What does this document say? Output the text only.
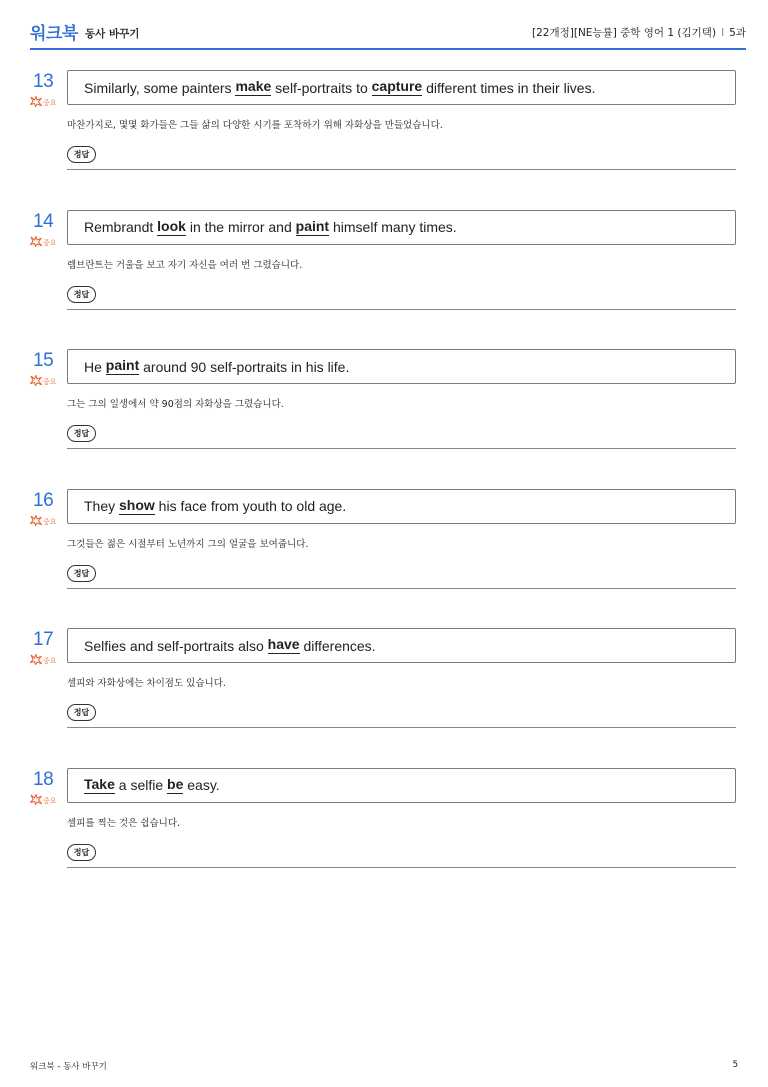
워크북 동사 바꾸기	[22개정][NE능률] 중학 영어 1 (김기택) I 5과
13
중요
Similarly, some painters make self-portraits to capture different times in their lives.
마찬가지로, 몇몇 화가들은 그들 삶의 다양한 시기를 포착하기 위해 자화상을 만들었습니다.
정답
14
중요
Rembrandt look in the mirror and paint himself many times.
렘브란트는 거울을 보고 자기 자신을 여러 번 그렸습니다.
정답
15
중요
He paint around 90 self-portraits in his life.
그는 그의 일생에서 약 90점의 자화상을 그렸습니다.
정답
16
중요
They show his face from youth to old age.
그것들은 젊은 시절부터 노년까지 그의 얼굴을 보여줍니다.
정답
17
중요
Selfies and self-portraits also have differences.
셀피와 자화상에는 차이점도 있습니다.
정답
18
중요
Take a selfie be easy.
셀피를 찍는 것은 쉽습니다.
정답
워크북 - 동사 바꾸기	5
